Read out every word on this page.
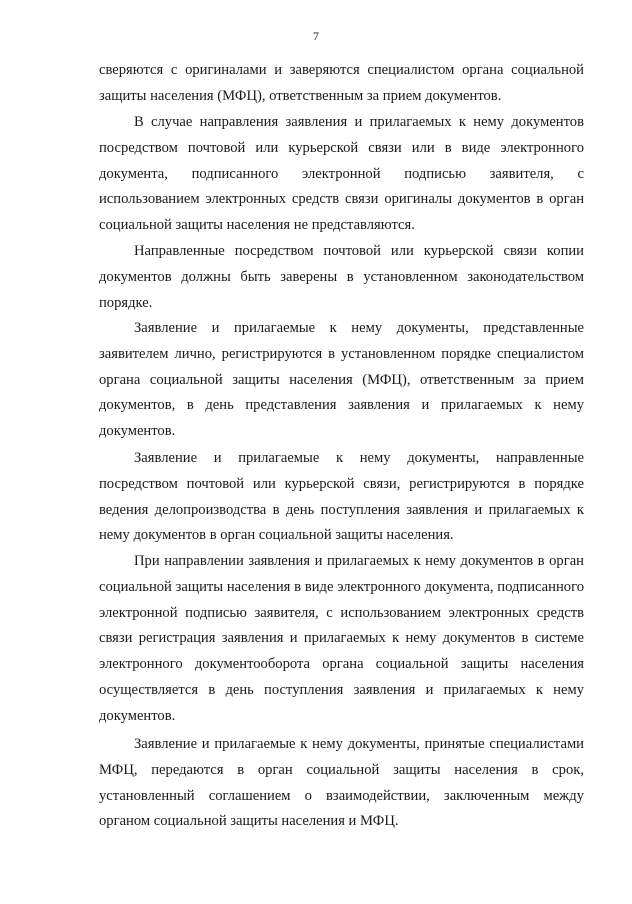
7

сверяются с оригиналами и заверяются специалистом органа социальной защиты населения (МФЦ), ответственным за прием документов.

В случае направления заявления и прилагаемых к нему документов посредством почтовой или курьерской связи или в виде электронного документа, подписанного электронной подписью заявителя, с использованием электронных средств связи оригиналы документов в орган социальной защиты населения не представляются.

Направленные посредством почтовой или курьерской связи копии документов должны быть заверены в установленном законодательством порядке.

Заявление и прилагаемые к нему документы, представленные заявителем лично, регистрируются в установленном порядке специалистом органа социальной защиты населения (МФЦ), ответственным за прием документов, в день представления заявления и прилагаемых к нему документов.

Заявление и прилагаемые к нему документы, направленные посредством почтовой или курьерской связи, регистрируются в порядке ведения делопроизводства в день поступления заявления и прилагаемых к нему документов в орган социальной защиты населения.

При направлении заявления и прилагаемых к нему документов в орган социальной защиты населения в виде электронного документа, подписанного электронной подписью заявителя, с использованием электронных средств связи регистрация заявления и прилагаемых к нему документов в системе электронного документооборота органа социальной защиты населения осуществляется в день поступления заявления и прилагаемых к нему документов.

Заявление и прилагаемые к нему документы, принятые специалистами МФЦ, передаются в орган социальной защиты населения в срок, установленный соглашением о взаимодействии, заключенным между органом социальной защиты населения и МФЦ.
